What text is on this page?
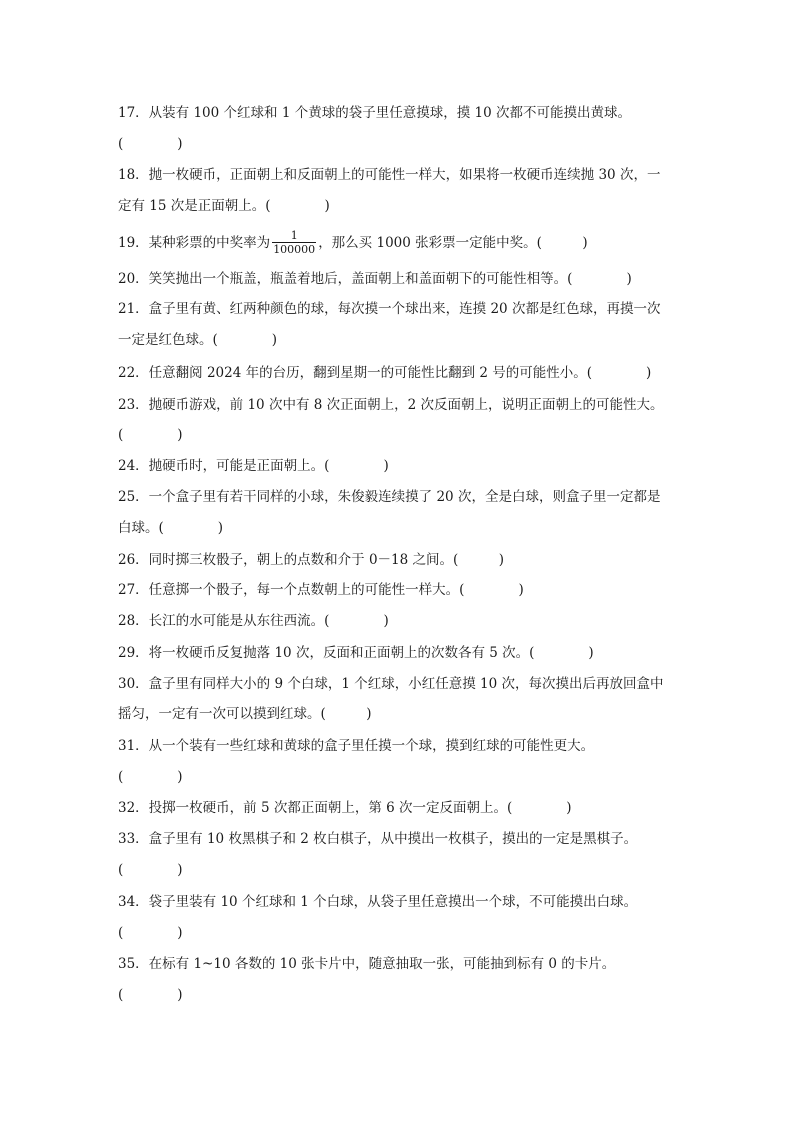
17．从装有 100 个红球和 1 个黄球的袋子里任意摸球，摸 10 次都不可能摸出黄球。
(　　　　)
18．抛一枚硬币，正面朝上和反面朝上的可能性一样大，如果将一枚硬币连续抛 30 次，一
定有 15 次是正面朝上。(　　　　)
19．某种彩票的中奖率为 $\frac{1}{100000}$ ，那么买 1000 张彩票一定能中奖。(　　　)
20．笑笑抛出一个瓶盖，瓶盖着地后，盖面朝上和盖面朝下的可能性相等。(　　　　)
21．盒子里有黄、红两种颜色的球，每次摸一个球出来，连摸 20 次都是红色球，再摸一次
一定是红色球。(　　　　)
22．任意翻阅 2024 年的台历，翻到星期一的可能性比翻到 2 号的可能性小。(　　　　)
23．抛硬币游戏，前 10 次中有 8 次正面朝上，2 次反面朝上，说明正面朝上的可能性大。
(　　　　)
24．抛硬币时，可能是正面朝上。(　　　　)
25．一个盒子里有若干同样的小球，朱俊毅连续摸了 20 次，全是白球，则盒子里一定都是
白球。(　　　　)
26．同时掷三枚骰子，朝上的点数和介于 0－18 之间。(　　　)
27．任意掷一个骰子，每一个点数朝上的可能性一样大。(　　　　)
28．长江的水可能是从东往西流。(　　　　)
29．将一枚硬币反复抛落 10 次，反面和正面朝上的次数各有 5 次。(　　　　)
30．盒子里有同样大小的 9 个白球，1 个红球，小红任意摸 10 次，每次摸出后再放回盒中
摇匀，一定有一次可以摸到红球。(　　　)
31．从一个装有一些红球和黄球的盒子里任摸一个球，摸到红球的可能性更大。
(　　　　)
32．投掷一枚硬币，前 5 次都正面朝上，第 6 次一定反面朝上。(　　　　)
33．盒子里有 10 枚黑棋子和 2 枚白棋子，从中摸出一枚棋子，摸出的一定是黑棋子。
(　　　　)
34．袋子里装有 10 个红球和 1 个白球，从袋子里任意摸出一个球，不可能摸出白球。
(　　　　)
35．在标有 1~10 各数的 10 张卡片中，随意抽取一张，可能抽到标有 0 的卡片。
(　　　　)
